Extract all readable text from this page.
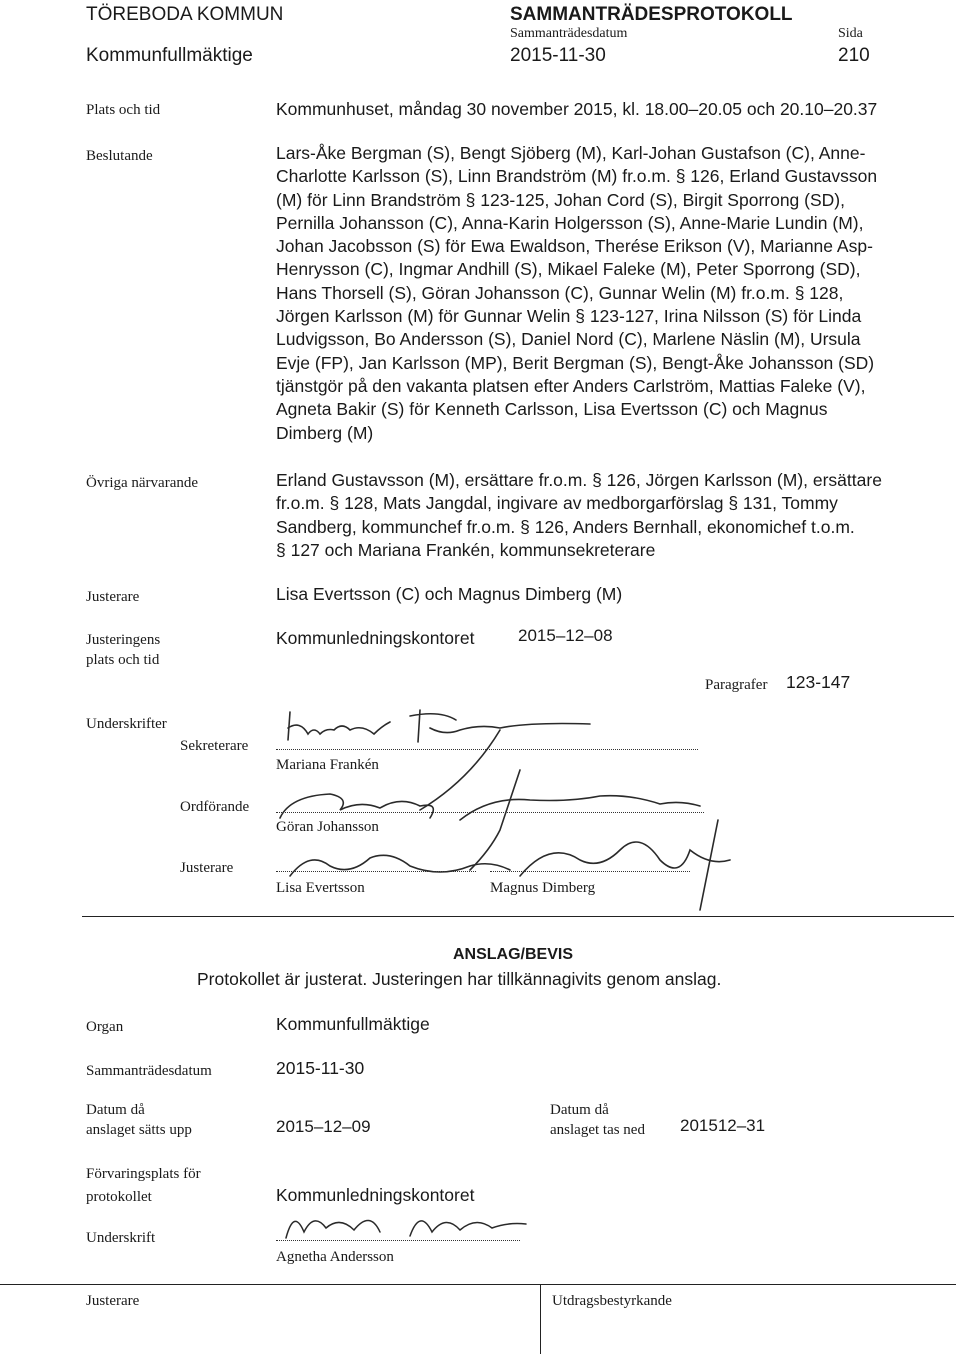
TÖREBODA KOMMUN
Kommunfullmäktige
SAMMANTRÄDESPROTOKOLL
Sammanträdesdatum
2015-11-30
Sida
210
Plats och tid	Kommunhuset, måndag 30 november 2015, kl. 18.00–20.05 och 20.10–20.37
Beslutande	Lars-Åke Bergman (S), Bengt Sjöberg (M), Karl-Johan Gustafson (C), Anne-
Charlotte Karlsson (S), Linn Brandström (M) fr.o.m. § 126, Erland Gustavsson
(M) för Linn Brandström § 123-125, Johan Cord (S), Birgit Sporrong (SD),
Pernilla Johansson (C), Anna-Karin Holgersson (S), Anne-Marie Lundin (M),
Johan Jacobsson (S) för Ewa Ewaldson, Therése Erikson (V), Marianne Asp-
Henrysson (C), Ingmar Andhill (S), Mikael Faleke (M), Peter Sporrong (SD),
Hans Thorsell (S), Göran Johansson (C), Gunnar Welin (M) fr.o.m. § 128,
Jörgen Karlsson (M) för Gunnar Welin § 123-127, Irina Nilsson (S) för Linda
Ludvigsson, Bo Andersson (S), Daniel Nord (C), Marlene Näslin (M), Ursula
Evje (FP), Jan Karlsson (MP), Berit Bergman (S), Bengt-Åke Johansson (SD)
tjänstgör på den vakanta platsen efter Anders Carlström, Mattias Faleke (V),
Agneta Bakir (S) för Kenneth Carlsson, Lisa Evertsson (C) och Magnus
Dimberg (M)
Övriga närvarande	Erland Gustavsson (M), ersättare fr.o.m. § 126, Jörgen Karlsson (M), ersättare
fr.o.m. § 128, Mats Jangdal, ingivare av medborgarförslag § 131, Tommy
Sandberg, kommunchef fr.o.m. § 126, Anders Bernhall, ekonomichef t.o.m.
§ 127 och Mariana Frankén, kommunsekreterare
Justerare	Lisa Evertsson (C) och Magnus Dimberg (M)
Justeringens
plats och tid
Kommunledningskontoret	2015–12–08
Paragrafer 123-147
Underskrifter
Sekreterare
Mariana Frankén
Ordförande
Göran Johansson
Justerare
Lisa Evertsson	Magnus Dimberg
ANSLAG/BEVIS
Protokollet är justerat. Justeringen har tillkännagivits genom anslag.
Organ	Kommunfullmäktige
Sammanträdesdatum	2015-11-30
Datum då
anslaget sätts upp	2015–12–09
Datum då
anslaget tas ned 201512–31
Förvaringsplats för
protokollet	Kommunledningskontoret
Underskrift
Agnetha Andersson
Justerare	Utdragsbestyrkande
